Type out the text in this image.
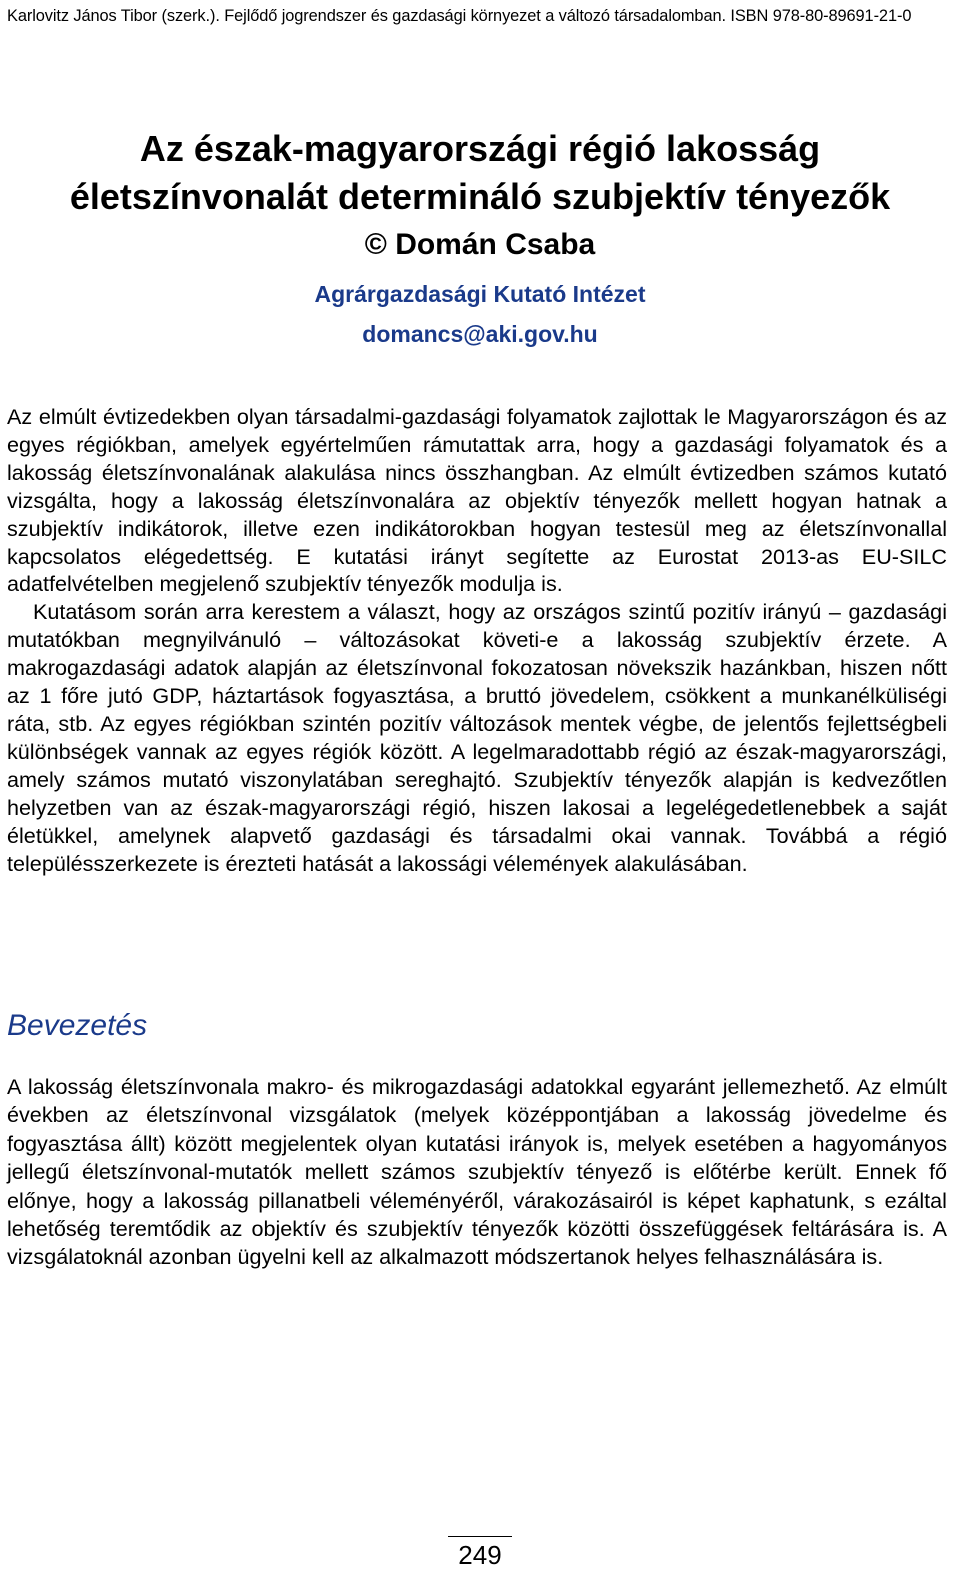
Karlovitz János Tibor (szerk.). Fejlődő jogrendszer és gazdasági környezet a változó társadalomban. ISBN 978-80-89691-21-0
Az észak-magyarországi régió lakosság
életszínvonalát determináló szubjektív tényezők
© Domán Csaba
Agrárgazdasági Kutató Intézet
domancs@aki.gov.hu

Az elmúlt évtizedekben olyan társadalmi-gazdasági folyamatok zajlottak le Magyarországon és az egyes régiókban, amelyek egyértelműen rámutattak arra, hogy a gazdasági folyamatok és a lakosság életszínvonalának alakulása nincs összhangban. Az elmúlt évtizedben számos kutató vizsgálta, hogy a lakosság életszínvonalára az objektív tényezők mellett hogyan hatnak a szubjektív indikátorok, illetve ezen indikátorokban hogyan testesül meg az életszínvonallal kapcsolatos elégedettség. E kutatási irányt segítette az Eurostat 2013-as EU-SILC adatfelvételben megjelenő szubjektív tényezők modulja is.

Kutatásom során arra kerestem a választ, hogy az országos szintű pozitív irányú – gazdasági mutatókban megnyilvánuló – változásokat követi-e a lakosság szubjektív érzete. A makrogazdasági adatok alapján az életszínvonal fokozatosan növekszik hazánkban, hiszen nőtt az 1 főre jutó GDP, háztartások fogyasztása, a bruttó jövedelem, csökkent a munkanélküliségi ráta, stb. Az egyes régiókban szintén pozitív változások mentek végbe, de jelentős fejlettségbeli különbségek vannak az egyes régiók között. A legelmaradottabb régió az észak-magyarországi, amely számos mutató viszonylatában sereghajtó. Szubjektív tényezők alapján is kedvezőtlen helyzetben van az észak-magyarországi régió, hiszen lakosai a legelégedetlenebbek a saját életükkel, amelynek alapvető gazdasági és társadalmi okai vannak. Továbbá a régió településszerkezete is érezteti hatását a lakossági vélemények alakulásában.

Bevezetés

A lakosság életszínvonala makro- és mikrogazdasági adatokkal egyaránt jellemezhető. Az elmúlt években az életszínvonal vizsgálatok (melyek középpontjában a lakosság jövedelme és fogyasztása állt) között megjelentek olyan kutatási irányok is, melyek esetében a hagyományos jellegű életszínvonal-mutatók mellett számos szubjektív tényező is előtérbe került. Ennek fő előnye, hogy a lakosság pillanatbeli véleményéről, várakozásairól is képet kaphatunk, s ezáltal lehetőség teremtődik az objektív és szubjektív tényezők közötti összefüggések feltárására is. A vizsgálatoknál azonban ügyelni kell az alkalmazott módszertanok helyes felhasználására is.

249
